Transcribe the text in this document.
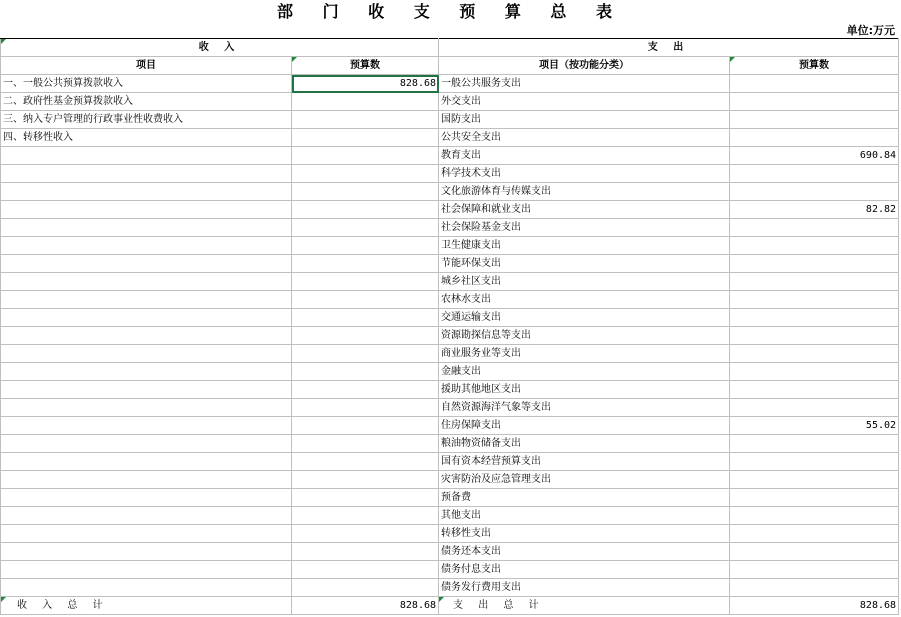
部 门 收 支 预 算 总 表
单位:万元
收 入		支 出	
项目	预算数	项目（按功能分类）	预算数
一、一般公共预算拨款收入	828.68	一般公共服务支出	
二、政府性基金预算拨款收入		外交支出	
三、纳入专户管理的行政事业性收费收入		国防支出	
四、转移性收入		公共安全支出	
		教育支出	690.84
		科学技术支出	
		文化旅游体育与传媒支出	
		社会保障和就业支出	82.82
		社会保险基金支出	
		卫生健康支出	
		节能环保支出	
		城乡社区支出	
		农林水支出	
		交通运输支出	
		资源勘探信息等支出	
		商业服务业等支出	
		金融支出	
		援助其他地区支出	
		自然资源海洋气象等支出	
		住房保障支出	55.02
		粮油物资储备支出	
		国有资本经营预算支出	
		灾害防治及应急管理支出	
		预备费	
		其他支出	
		转移性支出	
		债务还本支出	
		债务付息支出	
		债务发行费用支出	
收 入 总 计	828.68	支 出 总 计	828.68
